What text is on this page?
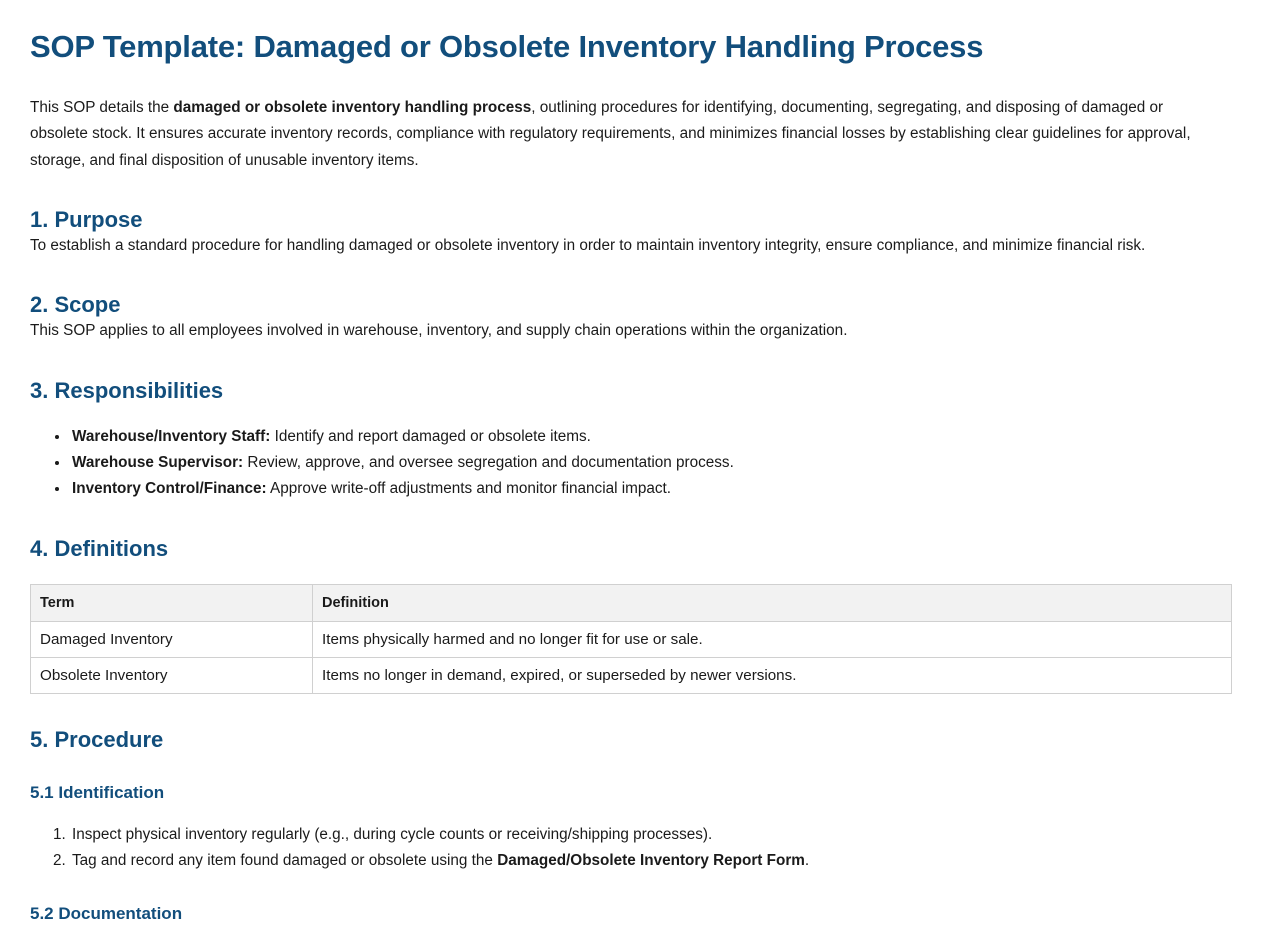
SOP Template: Damaged or Obsolete Inventory Handling Process

This SOP details the damaged or obsolete inventory handling process, outlining procedures for identifying, documenting, segregating, and disposing of damaged or obsolete stock. It ensures accurate inventory records, compliance with regulatory requirements, and minimizes financial losses by establishing clear guidelines for approval, storage, and final disposition of unusable inventory items.

1. Purpose

To establish a standard procedure for handling damaged or obsolete inventory in order to maintain inventory integrity, ensure compliance, and minimize financial risk.

2. Scope

This SOP applies to all employees involved in warehouse, inventory, and supply chain operations within the organization.

3. Responsibilities
• Warehouse/Inventory Staff: Identify and report damaged or obsolete items.
• Warehouse Supervisor: Review, approve, and oversee segregation and documentation process.
• Inventory Control/Finance: Approve write-off adjustments and monitor financial impact.
4. Definitions
Term	Definition
Damaged Inventory	Items physically harmed and no longer fit for use or sale.
Obsolete Inventory	Items no longer in demand, expired, or superseded by newer versions.
5. Procedure
5.1 Identification
1. Inspect physical inventory regularly (e.g., during cycle counts or receiving/shipping processes).
2. Tag and record any item found damaged or obsolete using the Damaged/Obsolete Inventory Report Form.
5.2 Documentation
